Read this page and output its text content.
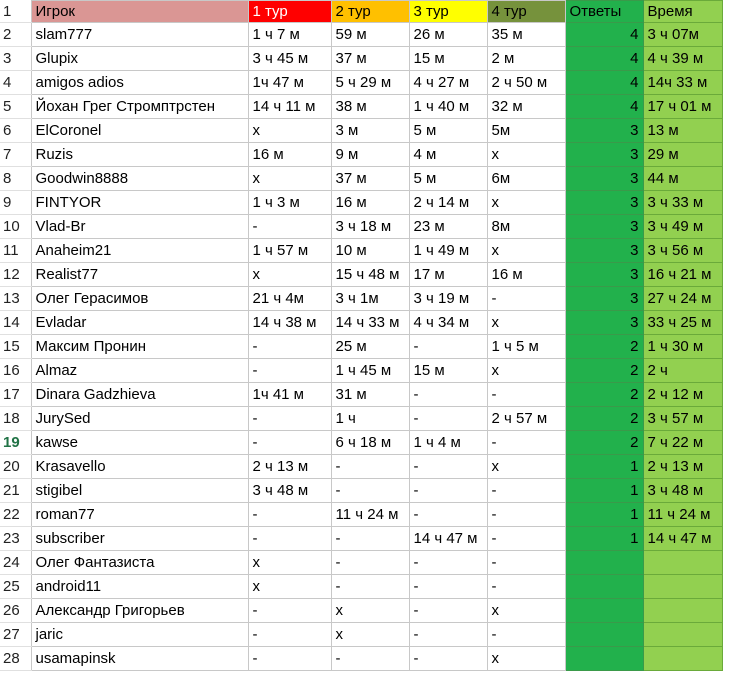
1	Игрок	1 тур	2 тур	3 тур	4 тур	Ответы	Время
2	slam777	1 ч 7 м	59 м	26 м	35 м	4	3 ч 07м
3	Glupix	3 ч 45 м	37 м	15 м	2 м	4	4 ч 39 м
4	amigos adios	1ч 47 м	5 ч 29 м	4 ч 27 м	2 ч 50 м	4	14ч 33 м
5	Йохан Грег Стромптрстен	14 ч 11 м	38 м	1 ч 40 м	32 м	4	17 ч 01 м
6	ElCoronel	x	3 м	5 м	5м	3	13 м
7	Ruzis	16 м	9 м	4 м	x	3	29 м
8	Goodwin8888	x	37 м	5 м	6м	3	44 м
9	FINTYOR	1 ч 3 м	16 м	2 ч 14 м	x	3	3 ч 33 м
10	Vlad-Br	-	3 ч 18 м	23 м	8м	3	3 ч 49 м
11	Anaheim21	1 ч 57 м	10 м	1 ч 49 м	x	3	3 ч 56 м
12	Realist77	x	15 ч 48 м	17 м	16 м	3	16 ч 21 м
13	Олег Герасимов	21 ч 4м	3 ч 1м	3 ч 19 м	-	3	27 ч 24 м
14	Evladar	14 ч 38 м	14 ч 33 м	4 ч 34 м	x	3	33 ч 25 м
15	Максим Пронин	-	25 м	-	1 ч 5 м	2	1 ч 30 м
16	Almaz	-	1 ч 45 м	15 м	x	2	2 ч
17	Dinara Gadzhieva	1ч 41 м	31 м	-	-	2	2 ч 12 м
18	JurySed	-	1 ч	-	2 ч 57 м	2	3 ч 57 м
19	kawse	-	6 ч 18 м	1 ч 4 м	-	2	7 ч 22 м
20	Krasavello	2 ч 13 м	-	-	x	1	2 ч 13 м
21	stigibel	3 ч 48 м	-	-	-	1	3 ч 48 м
22	roman77	-	11 ч 24 м	-	-	1	11 ч 24 м
23	subscriber	-	-	14 ч 47 м	-	1	14 ч 47 м
24	Олег Фантазиста	x	-	-	-		
25	android11	x	-	-	-		
26	Александр Григорьев	-	x	-	x		
27	jaric	-	x	-	-		
28	usamapinsk	-	-	-	x		
